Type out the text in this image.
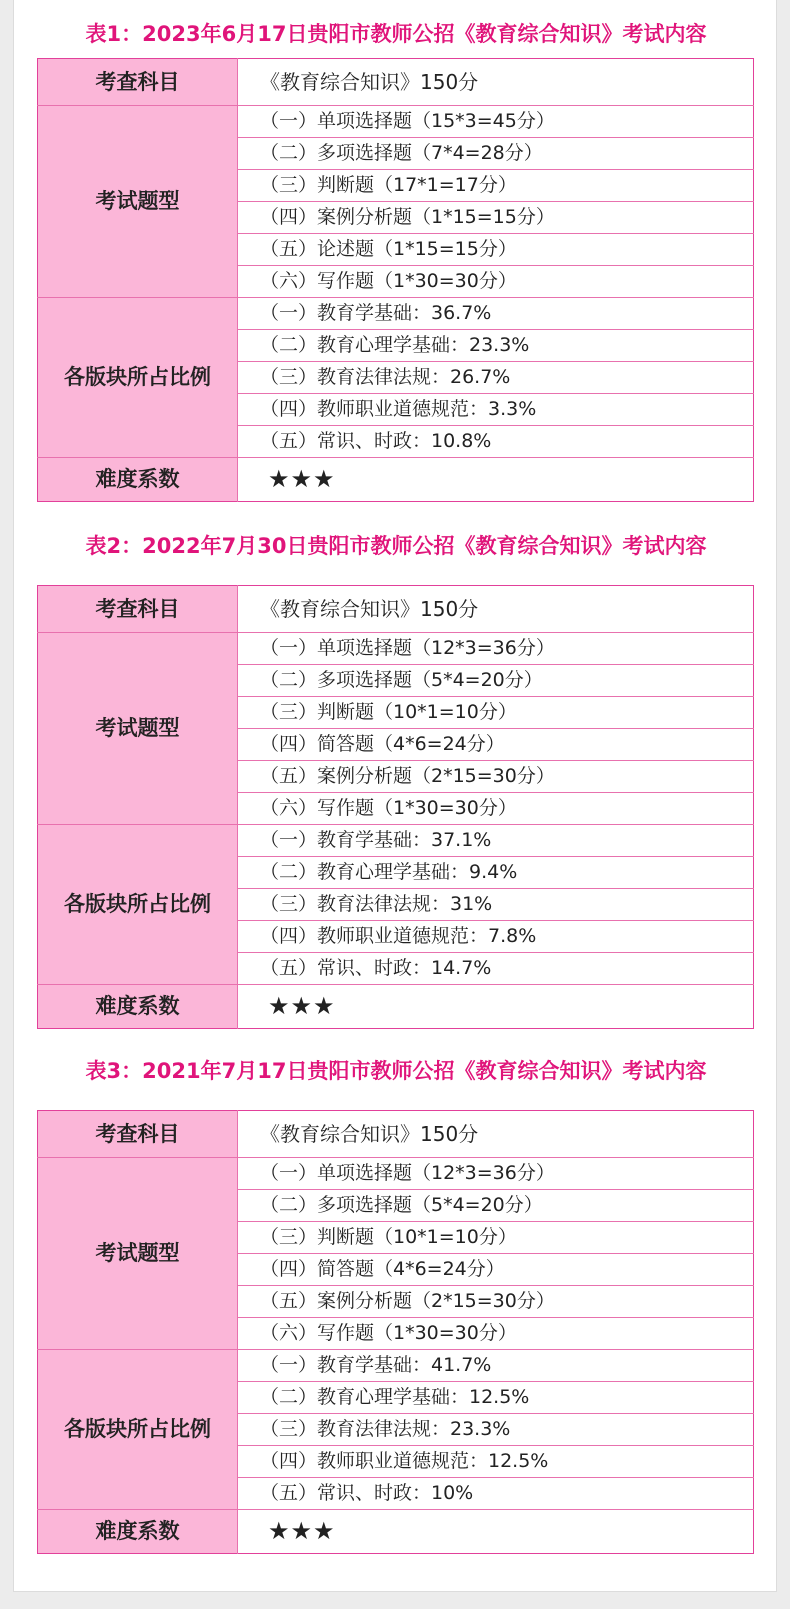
表1：2023年6月17日贵阳市教师公招《教育综合知识》考试内容
考查科目	《教育综合知识》150分
考试题型	（一）单项选择题（15*3=45分）
	（二）多项选择题（7*4=28分）
	（三）判断题（17*1=17分）
	（四）案例分析题（1*15=15分）
	（五）论述题（1*15=15分）
	（六）写作题（1*30=30分）
各版块所占比例	（一）教育学基础：36.7%
	（二）教育心理学基础：23.3%
	（三）教育法律法规：26.7%
	（四）教师职业道德规范：3.3%
	（五）常识、时政：10.8%
难度系数	★★★
表2：2022年7月30日贵阳市教师公招《教育综合知识》考试内容
考查科目	《教育综合知识》150分
考试题型	（一）单项选择题（12*3=36分）
	（二）多项选择题（5*4=20分）
	（三）判断题（10*1=10分）
	（四）简答题（4*6=24分）
	（五）案例分析题（2*15=30分）
	（六）写作题（1*30=30分）
各版块所占比例	（一）教育学基础：37.1%
	（二）教育心理学基础：9.4%
	（三）教育法律法规：31%
	（四）教师职业道德规范：7.8%
	（五）常识、时政：14.7%
难度系数	★★★
表3：2021年7月17日贵阳市教师公招《教育综合知识》考试内容
考查科目	《教育综合知识》150分
考试题型	（一）单项选择题（12*3=36分）
	（二）多项选择题（5*4=20分）
	（三）判断题（10*1=10分）
	（四）简答题（4*6=24分）
	（五）案例分析题（2*15=30分）
	（六）写作题（1*30=30分）
各版块所占比例	（一）教育学基础：41.7%
	（二）教育心理学基础：12.5%
	（三）教育法律法规：23.3%
	（四）教师职业道德规范：12.5%
	（五）常识、时政：10%
难度系数	★★★
